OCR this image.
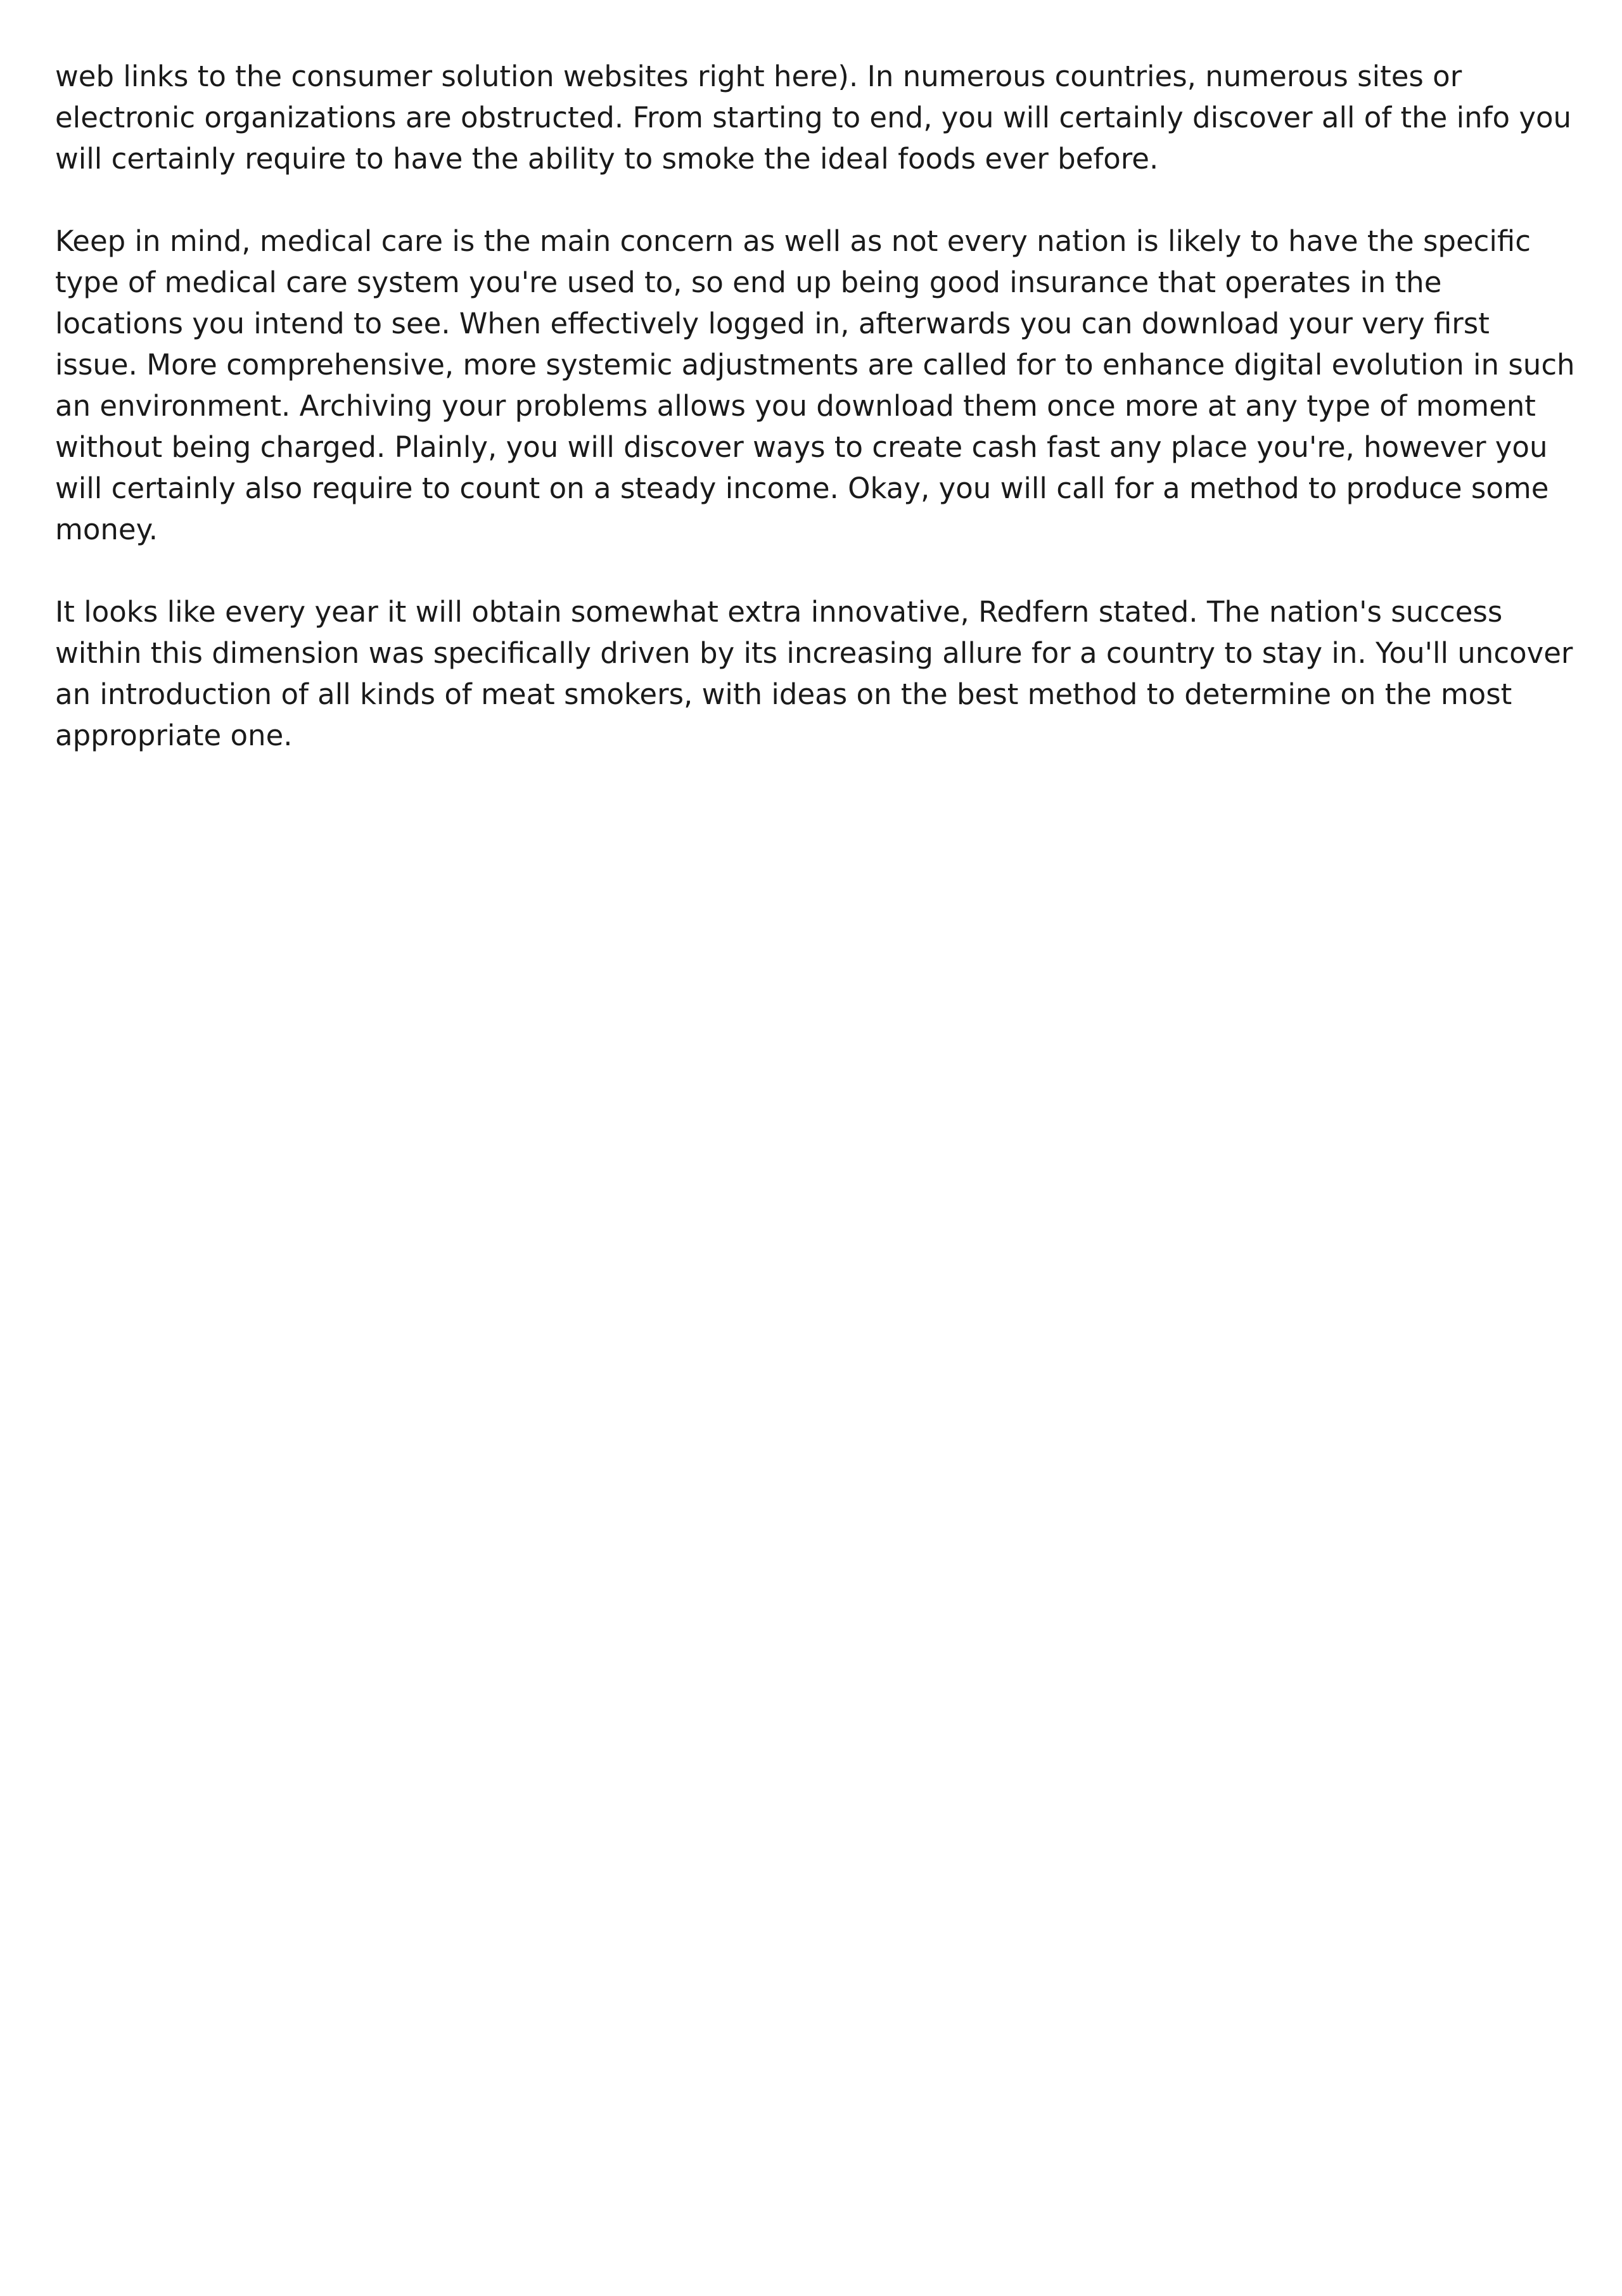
web links to the consumer solution websites right here). In numerous countries, numerous sites or electronic organizations are obstructed. From starting to end, you will certainly discover all of the info you will certainly require to have the ability to smoke the ideal foods ever before.

Keep in mind, medical care is the main concern as well as not every nation is likely to have the specific type of medical care system you're used to, so end up being good insurance that operates in the locations you intend to see. When effectively logged in, afterwards you can download your very first issue. More comprehensive, more systemic adjustments are called for to enhance digital evolution in such an environment. Archiving your problems allows you download them once more at any type of moment without being charged. Plainly, you will discover ways to create cash fast any place you're, however you will certainly also require to count on a steady income. Okay, you will call for a method to produce some money.

It looks like every year it will obtain somewhat extra innovative, Redfern stated. The nation's success within this dimension was specifically driven by its increasing allure for a country to stay in. You'll uncover an introduction of all kinds of meat smokers, with ideas on the best method to determine on the most appropriate one.
